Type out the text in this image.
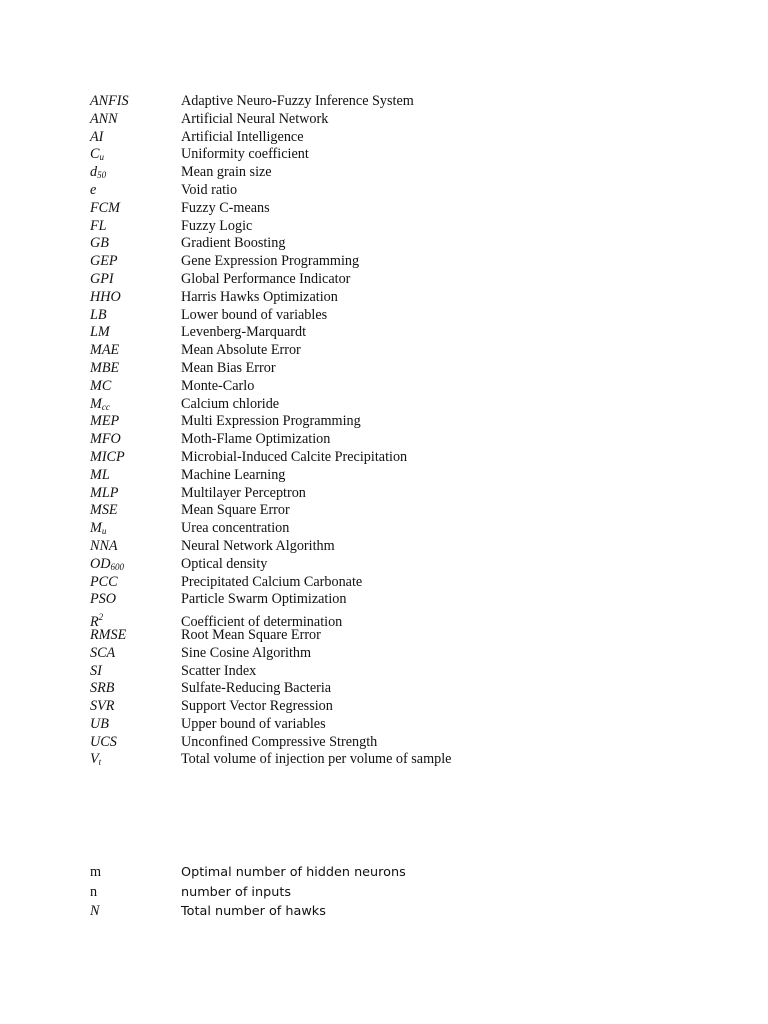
ANFIS	Adaptive Neuro-Fuzzy Inference System
ANN	Artificial Neural Network
AI	Artificial Intelligence
$C_u$	Uniformity coefficient
$d_{50}$	Mean grain size
e	Void ratio
FCM	Fuzzy C-means
FL	Fuzzy Logic
GB	Gradient Boosting
GEP	Gene Expression Programming
GPI	Global Performance Indicator
HHO	Harris Hawks Optimization
LB	Lower bound of variables
LM	Levenberg-Marquardt
MAE	Mean Absolute Error
MBE	Mean Bias Error
MC	Monte-Carlo
$M_{cc}$	Calcium chloride
MEP	Multi Expression Programming
MFO	Moth-Flame Optimization
MICP	Microbial-Induced Calcite Precipitation
ML	Machine Learning
MLP	Multilayer Perceptron
MSE	Mean Square Error
$M_u$	Urea concentration
NNA	Neural Network Algorithm
$OD_{600}$	Optical density
PCC	Precipitated Calcium Carbonate
PSO	Particle Swarm Optimization
$R^2$	Coefficient of determination
RMSE	Root Mean Square Error
SCA	Sine Cosine Algorithm
SI	Scatter Index
SRB	Sulfate-Reducing Bacteria
SVR	Support Vector Regression
UB	Upper bound of variables
UCS	Unconfined Compressive Strength
$V_t$	Total volume of injection per volume of sample
m	Optimal number of hidden neurons
n	number of inputs
N	Total number of hawks
